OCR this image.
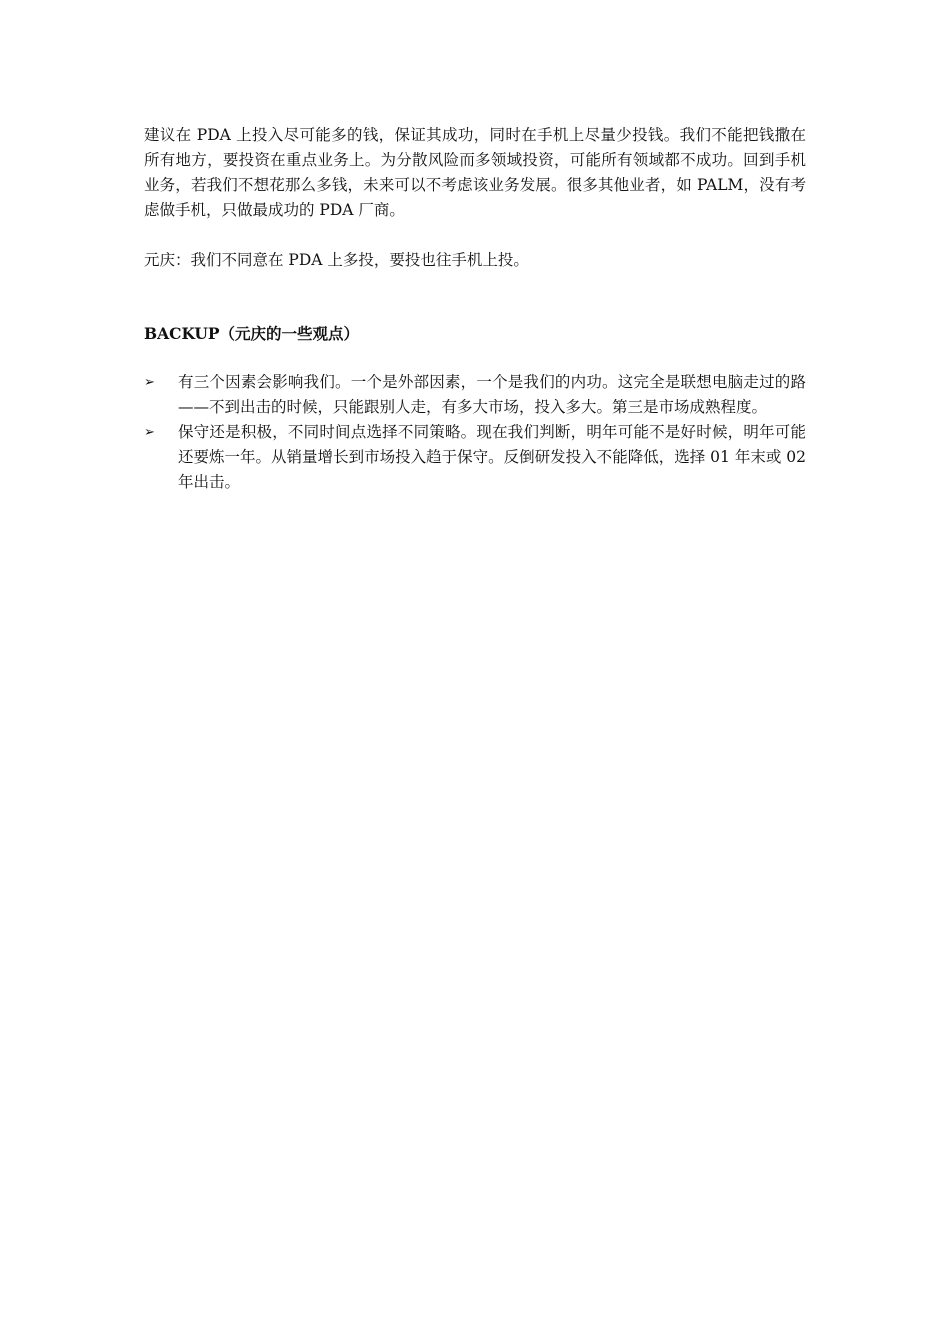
建议在 PDA 上投入尽可能多的钱，保证其成功，同时在手机上尽量少投钱。我们不能把钱撒在所有地方，要投资在重点业务上。为分散风险而多领域投资，可能所有领域都不成功。回到手机业务，若我们不想花那么多钱，未来可以不考虑该业务发展。很多其他业者，如 PALM，没有考虑做手机，只做最成功的 PDA 厂商。

元庆：我们不同意在 PDA 上多投，要投也往手机上投。

BACKUP（元庆的一些观点）
➢	有三个因素会影响我们。一个是外部因素，一个是我们的内功。这完全是联想电脑走过的路——不到出击的时候，只能跟别人走，有多大市场，投入多大。第三是市场成熟程度。
➢	保守还是积极，不同时间点选择不同策略。现在我们判断，明年可能不是好时候，明年可能还要炼一年。从销量增长到市场投入趋于保守。反倒研发投入不能降低，选择 01 年末或 02 年出击。
